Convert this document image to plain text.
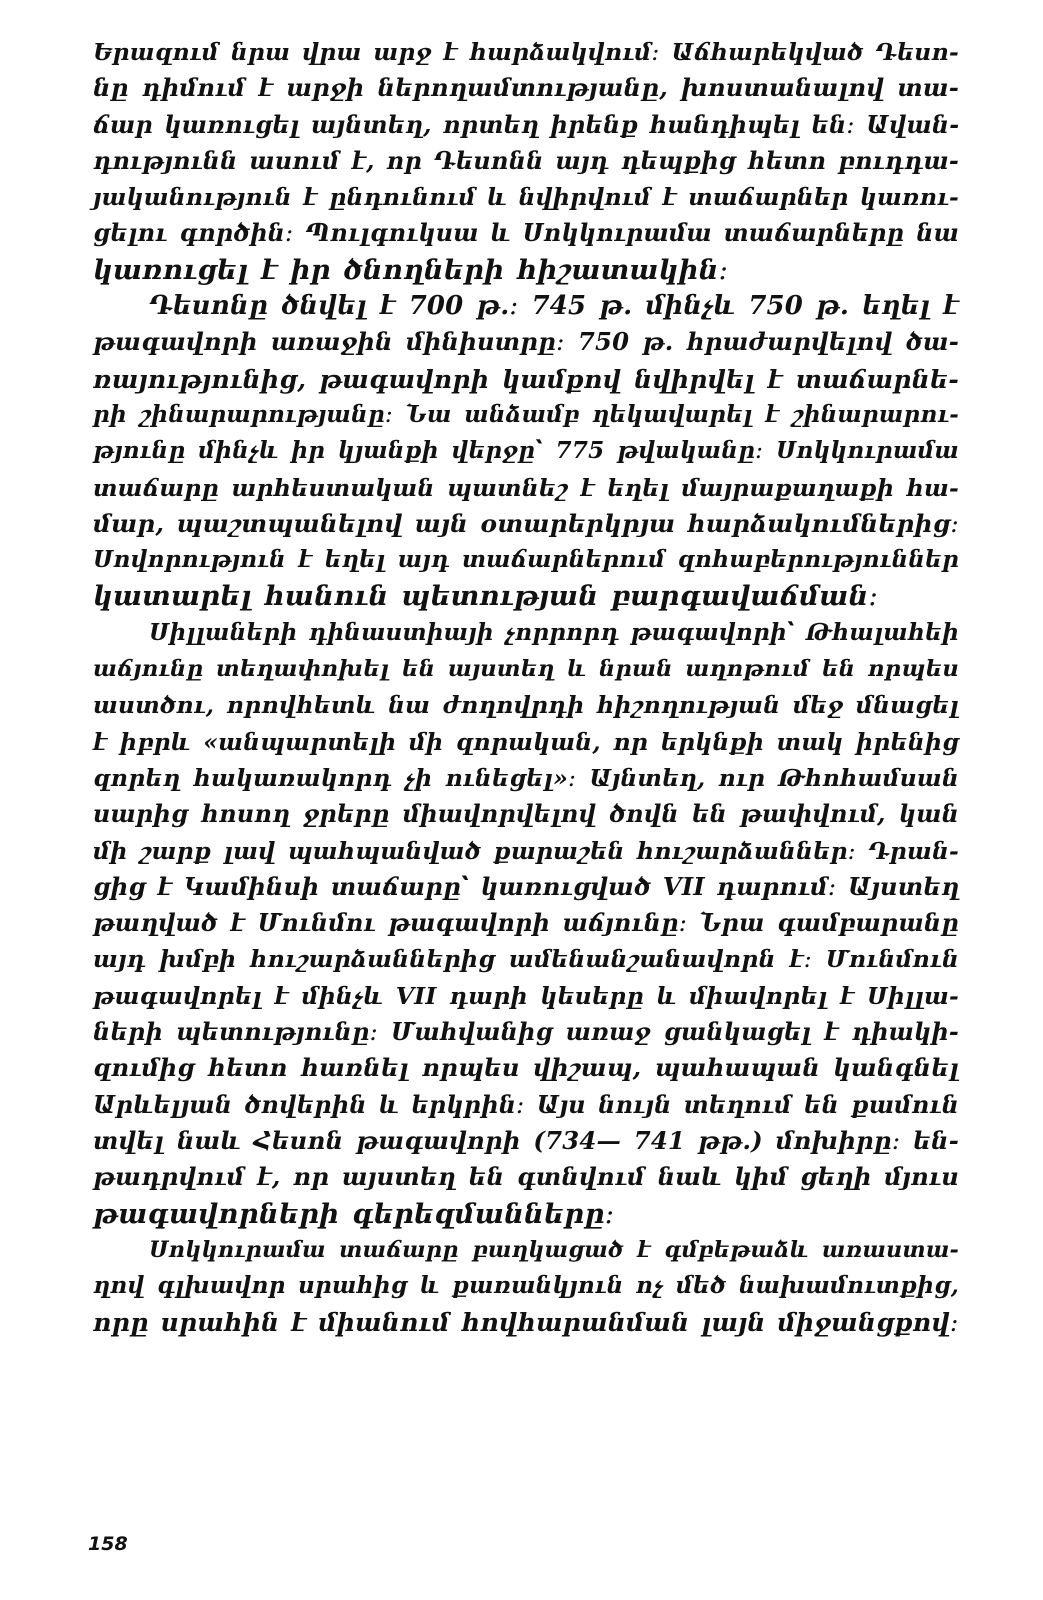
Երազում նրա վրա արջ է հարձակվում։ Աճհարեկված Դեսո-
նը դիմում է արջի ներողամտությանը, խոստանալով տա-
ճար կառուցել այնտեղ, որտեղ իրենք հանդիպել են։ Ավան-
դությունն ասում է, որ Դեսոնն այդ դեպքից հետո բուդդա-
յականություն է ընդունում և նվիրվում է տաճարներ կառու-
ցելու գործին։ Պուլգուկսա և Սոկկուրամա տաճարները նա
կառուցել է իր ծնողների հիշատակին։
Դեսոնը ծնվել է 700 թ.։ 745 թ. մինչև 750 թ. եղել է
թագավորի առաջին մինիստրը։ 750 թ. հրաժարվելով ծա-
ռայությունից, թագավորի կամքով նվիրվել է տաճարնե-
րի շինարարությանը։ Նա անձամբ ղեկավարել է շինարարու-
թյունը մինչև իր կյանքի վերջը՝ 775 թվականը։ Սոկկուրամա
տաճարը արհեստական պատնեշ է եղել մայրաքաղաքի հա-
մար, պաշտպանելով այն օտարերկրյա հարձակումներից։
Սովորություն է եղել այդ տաճարներում զոհաբերություններ
կատարել հանուն պետության բարգավաճման։
Սիլլաների դինաստիայի չորրորդ թագավորի՝ Թհալահեի
աճյունը տեղափոխել են այստեղ և նրան աղոթում են որպես
աստծու, որովհետև նա ժողովրդի հիշողության մեջ մնացել
է իբրև «անպարտելի մի զորական, որ երկնքի տակ իրենից
զորեղ հակառակորդ չի ունեցել»։ Այնտեղ, ուր Թհոհամսան
սարից հոսող ջրերը միավորվելով ծովն են թափվում, կան
մի շարք լավ պահպանված քարաշեն հուշարձաններ։ Դրան-
ցից է Կամինսի տաճարը՝ կառուցված VII դարում։ Այստեղ
թաղված է Մունմու թագավորի աճյունը։ Նրա գամբարանը
այդ խմբի հուշարձաններից ամենանշանավորն է։ Մունմուն
թագավորել է մինչև VII դարի կեսերը և միավորել է Սիլլա-
ների պետությունը։ Մահվանից առաջ ցանկացել է դիակի-
զումից հետո հառնել որպես վիշապ, պահապան կանգնել
Արևելյան ծովերին և երկրին։ Այս նույն տեղում են քամուն
տվել նաև Հեսոն թագավորի (734— 741 թթ.) մոխիրը։ են-
թադրվում է, որ այստեղ են գտնվում նաև կիմ ցեղի մյուս
թագավորների գերեզմանները։
Սոկկուրամա տաճարը բաղկացած է գմբեթաձև առաստա-
ղով գլխավոր սրահից և քառանկյուն ոչ մեծ նախամուտքից,
որը սրահին է միանում հովհարանման լայն միջանցքով։
158
